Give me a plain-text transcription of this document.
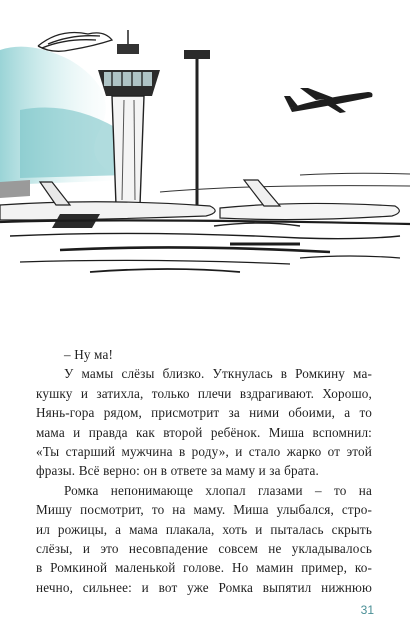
– Ну ма!
У мамы слёзы близко. Уткнулась в Ромкину ма-
кушку и затихла, только плечи вздрагивают. Хорошо,
Нянь-гора рядом, присмотрит за ними обоими, а то
мама и правда как второй ребёнок. Миша вспомнил:
«Ты старший мужчина в роду», и стало жарко от этой
фразы. Всё верно: он в ответе за маму и за брата.
Ромка непонимающе хлопал глазами – то на
Мишу посмотрит, то на маму. Миша улыбался, стро-
ил рожицы, а мама плакала, хоть и пыталась скрыть
слёзы, и это несовпадение совсем не укладывалось
в Ромкиной маленькой голове. Но мамин пример, ко-
нечно, сильнее: и вот уже Ромка выпятил нижнюю
31
